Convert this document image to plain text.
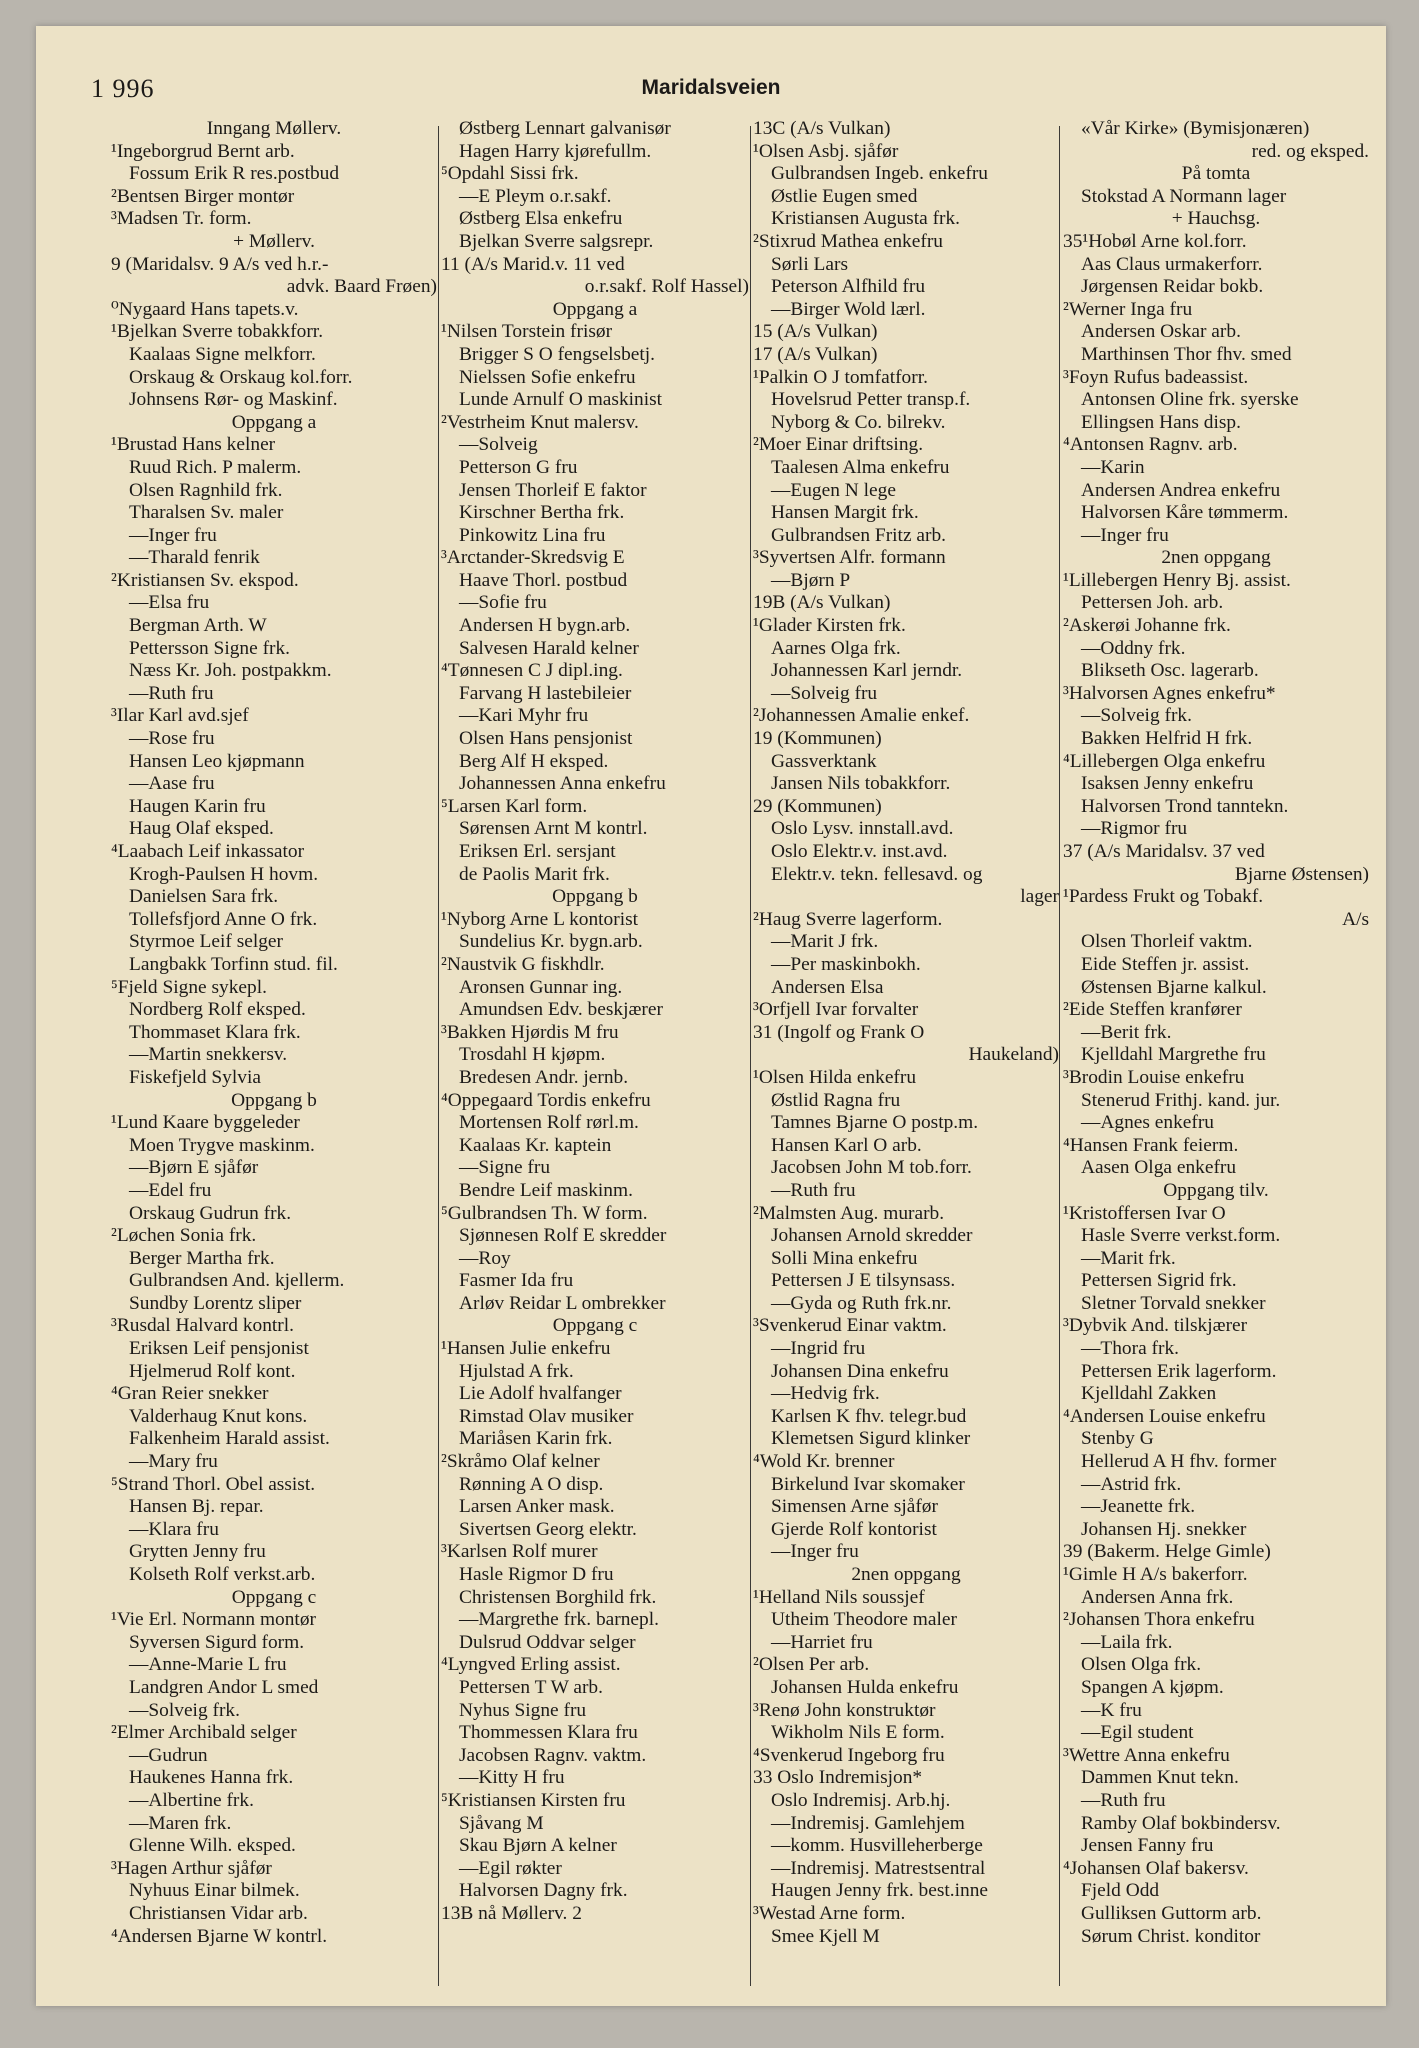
1 996	Maridalsveien
Inngang Møllerv.
¹Ingeborgrud Bernt arb.
Fossum Erik R res.postbud
²Bentsen Birger montør
³Madsen Tr. form.
+ Møllerv.
9 (Maridalsv. 9 A/s ved h.r.-
advk. Baard Frøen)
⁰Nygaard Hans tapets.v.
¹Bjelkan Sverre tobakkforr.
Kaalaas Signe melkforr.
Orskaug & Orskaug kol.forr.
Johnsens Rør- og Maskinf.
Oppgang a
¹Brustad Hans kelner
Ruud Rich. P malerm.
Olsen Ragnhild frk.
Tharalsen Sv. maler
—Inger fru
—Tharald fenrik
²Kristiansen Sv. ekspod.
—Elsa fru
Bergman Arth. W
Pettersson Signe frk.
Næss Kr. Joh. postpakkm.
—Ruth fru
³Ilar Karl avd.sjef
—Rose fru
Hansen Leo kjøpmann
—Aase fru
Haugen Karin fru
Haug Olaf eksped.
⁴Laabach Leif inkassator
Krogh-Paulsen H hovm.
Danielsen Sara frk.
Tollefsfjord Anne O frk.
Styrmoe Leif selger
Langbakk Torfinn stud. fil.
⁵Fjeld Signe sykepl.
Nordberg Rolf eksped.
Thommaset Klara frk.
—Martin snekkersv.
Fiskefjeld Sylvia
Oppgang b
¹Lund Kaare byggeleder
Moen Trygve maskinm.
—Bjørn E sjåfør
—Edel fru
Orskaug Gudrun frk.
²Løchen Sonia frk.
Berger Martha frk.
Gulbrandsen And. kjellerm.
Sundby Lorentz sliper
³Rusdal Halvard kontrl.
Eriksen Leif pensjonist
Hjelmerud Rolf kont.
⁴Gran Reier snekker
Valderhaug Knut kons.
Falkenheim Harald assist.
—Mary fru
⁵Strand Thorl. Obel assist.
Hansen Bj. repar.
—Klara fru
Grytten Jenny fru
Kolseth Rolf verkst.arb.
Oppgang c
¹Vie Erl. Normann montør
Syversen Sigurd form.
—Anne-Marie L fru
Landgren Andor L smed
—Solveig frk.
²Elmer Archibald selger
—Gudrun
Haukenes Hanna frk.
—Albertine frk.
—Maren frk.
Glenne Wilh. eksped.
³Hagen Arthur sjåfør
Nyhuus Einar bilmek.
Christiansen Vidar arb.
⁴Andersen Bjarne W kontrl.
Østberg Lennart galvanisør
Hagen Harry kjørefullm.
⁵Opdahl Sissi frk.
—E Pleym o.r.sakf.
Østberg Elsa enkefru
Bjelkan Sverre salgsrepr.
11 (A/s Marid.v. 11 ved
o.r.sakf. Rolf Hassel)
Oppgang a
¹Nilsen Torstein frisør
Brigger S O fengselsbetj.
Nielssen Sofie enkefru
Lunde Arnulf O maskinist
²Vestrheim Knut malersv.
—Solveig
Petterson G fru
Jensen Thorleif E faktor
Kirschner Bertha frk.
Pinkowitz Lina fru
³Arctander-Skredsvig E
Haave Thorl. postbud
—Sofie fru
Andersen H bygn.arb.
Salvesen Harald kelner
⁴Tønnesen C J dipl.ing.
Farvang H lastebileier
—Kari Myhr fru
Olsen Hans pensjonist
Berg Alf H eksped.
Johannessen Anna enkefru
⁵Larsen Karl form.
Sørensen Arnt M kontrl.
Eriksen Erl. sersjant
de Paolis Marit frk.
Oppgang b
¹Nyborg Arne L kontorist
Sundelius Kr. bygn.arb.
²Naustvik G fiskhdlr.
Aronsen Gunnar ing.
Amundsen Edv. beskjærer
³Bakken Hjørdis M fru
Trosdahl H kjøpm.
Bredesen Andr. jernb.
⁴Oppegaard Tordis enkefru
Mortensen Rolf rørl.m.
Kaalaas Kr. kaptein
—Signe fru
Bendre Leif maskinm.
⁵Gulbrandsen Th. W form.
Sjønnesen Rolf E skredder
—Roy
Fasmer Ida fru
Arløv Reidar L ombrekker
Oppgang c
¹Hansen Julie enkefru
Hjulstad A frk.
Lie Adolf hvalfanger
Rimstad Olav musiker
Mariåsen Karin frk.
²Skråmo Olaf kelner
Rønning A O disp.
Larsen Anker mask.
Sivertsen Georg elektr.
³Karlsen Rolf murer
Hasle Rigmor D fru
Christensen Borghild frk.
—Margrethe frk. barnepl.
Dulsrud Oddvar selger
⁴Lyngved Erling assist.
Pettersen T W arb.
Nyhus Signe fru
Thommessen Klara fru
Jacobsen Ragnv. vaktm.
—Kitty H fru
⁵Kristiansen Kirsten fru
Sjåvang M
Skau Bjørn A kelner
—Egil røkter
Halvorsen Dagny frk.
13B nå Møllerv. 2
13C (A/s Vulkan)
¹Olsen Asbj. sjåfør
Gulbrandsen Ingeb. enkefru
Østlie Eugen smed
Kristiansen Augusta frk.
²Stixrud Mathea enkefru
Sørli Lars
Peterson Alfhild fru
—Birger Wold lærl.
15 (A/s Vulkan)
17 (A/s Vulkan)
¹Palkin O J tomfatforr.
Hovelsrud Petter transp.f.
Nyborg & Co. bilrekv.
²Moer Einar driftsing.
Taalesen Alma enkefru
—Eugen N lege
Hansen Margit frk.
Gulbrandsen Fritz arb.
³Syvertsen Alfr. formann
—Bjørn P
19B (A/s Vulkan)
¹Glader Kirsten frk.
Aarnes Olga frk.
Johannessen Karl jerndr.
—Solveig fru
²Johannessen Amalie enkef.
19 (Kommunen)
Gassverktank
Jansen Nils tobakkforr.
29 (Kommunen)
Oslo Lysv. innstall.avd.
Oslo Elektr.v. inst.avd.
Elektr.v. tekn. fellesavd. og
lager
²Haug Sverre lagerform.
—Marit J frk.
—Per maskinbokh.
Andersen Elsa
³Orfjell Ivar forvalter
31 (Ingolf og Frank O
Haukeland)
¹Olsen Hilda enkefru
Østlid Ragna fru
Tamnes Bjarne O postp.m.
Hansen Karl O arb.
Jacobsen John M tob.forr.
—Ruth fru
²Malmsten Aug. murarb.
Johansen Arnold skredder
Solli Mina enkefru
Pettersen J E tilsynsass.
—Gyda og Ruth frk.nr.
³Svenkerud Einar vaktm.
—Ingrid fru
Johansen Dina enkefru
—Hedvig frk.
Karlsen K fhv. telegr.bud
Klemetsen Sigurd klinker
⁴Wold Kr. brenner
Birkelund Ivar skomaker
Simensen Arne sjåfør
Gjerde Rolf kontorist
—Inger fru
2nen oppgang
¹Helland Nils soussjef
Utheim Theodore maler
—Harriet fru
²Olsen Per arb.
Johansen Hulda enkefru
³Renø John konstruktør
Wikholm Nils E form.
⁴Svenkerud Ingeborg fru
33 Oslo Indremisjon*
Oslo Indremisj. Arb.hj.
—Indremisj. Gamlehjem
—komm. Husvilleherberge
—Indremisj. Matrestsentral
Haugen Jenny frk. best.inne
³Westad Arne form.
Smee Kjell M
«Vår Kirke» (Bymisjonæren)
red. og eksped.
På tomta
Stokstad A Normann lager
+ Hauchsg.
35¹Hobøl Arne kol.forr.
Aas Claus urmakerforr.
Jørgensen Reidar bokb.
²Werner Inga fru
Andersen Oskar arb.
Marthinsen Thor fhv. smed
³Foyn Rufus badeassist.
Antonsen Oline frk. syerske
Ellingsen Hans disp.
⁴Antonsen Ragnv. arb.
—Karin
Andersen Andrea enkefru
Halvorsen Kåre tømmerm.
—Inger fru
2nen oppgang
¹Lillebergen Henry Bj. assist.
Pettersen Joh. arb.
²Askerøi Johanne frk.
—Oddny frk.
Blikseth Osc. lagerarb.
³Halvorsen Agnes enkefru*
—Solveig frk.
Bakken Helfrid H frk.
⁴Lillebergen Olga enkefru
Isaksen Jenny enkefru
Halvorsen Trond tanntekn.
—Rigmor fru
37 (A/s Maridalsv. 37 ved
Bjarne Østensen)
¹Pardess Frukt og Tobakf.
A/s
Olsen Thorleif vaktm.
Eide Steffen jr. assist.
Østensen Bjarne kalkul.
²Eide Steffen kranfører
—Berit frk.
Kjelldahl Margrethe fru
³Brodin Louise enkefru
Stenerud Frithj. kand. jur.
—Agnes enkefru
⁴Hansen Frank feierm.
Aasen Olga enkefru
Oppgang tilv.
¹Kristoffersen Ivar O
Hasle Sverre verkst.form.
—Marit frk.
Pettersen Sigrid frk.
Sletner Torvald snekker
³Dybvik And. tilskjærer
—Thora frk.
Pettersen Erik lagerform.
Kjelldahl Zakken
⁴Andersen Louise enkefru
Stenby G
Hellerud A H fhv. former
—Astrid frk.
—Jeanette frk.
Johansen Hj. snekker
39 (Bakerm. Helge Gimle)
¹Gimle H A/s bakerforr.
Andersen Anna frk.
²Johansen Thora enkefru
—Laila frk.
Olsen Olga frk.
Spangen A kjøpm.
—K fru
—Egil student
³Wettre Anna enkefru
Dammen Knut tekn.
—Ruth fru
Ramby Olaf bokbindersv.
Jensen Fanny fru
⁴Johansen Olaf bakersv.
Fjeld Odd
Gulliksen Guttorm arb.
Sørum Christ. konditor
